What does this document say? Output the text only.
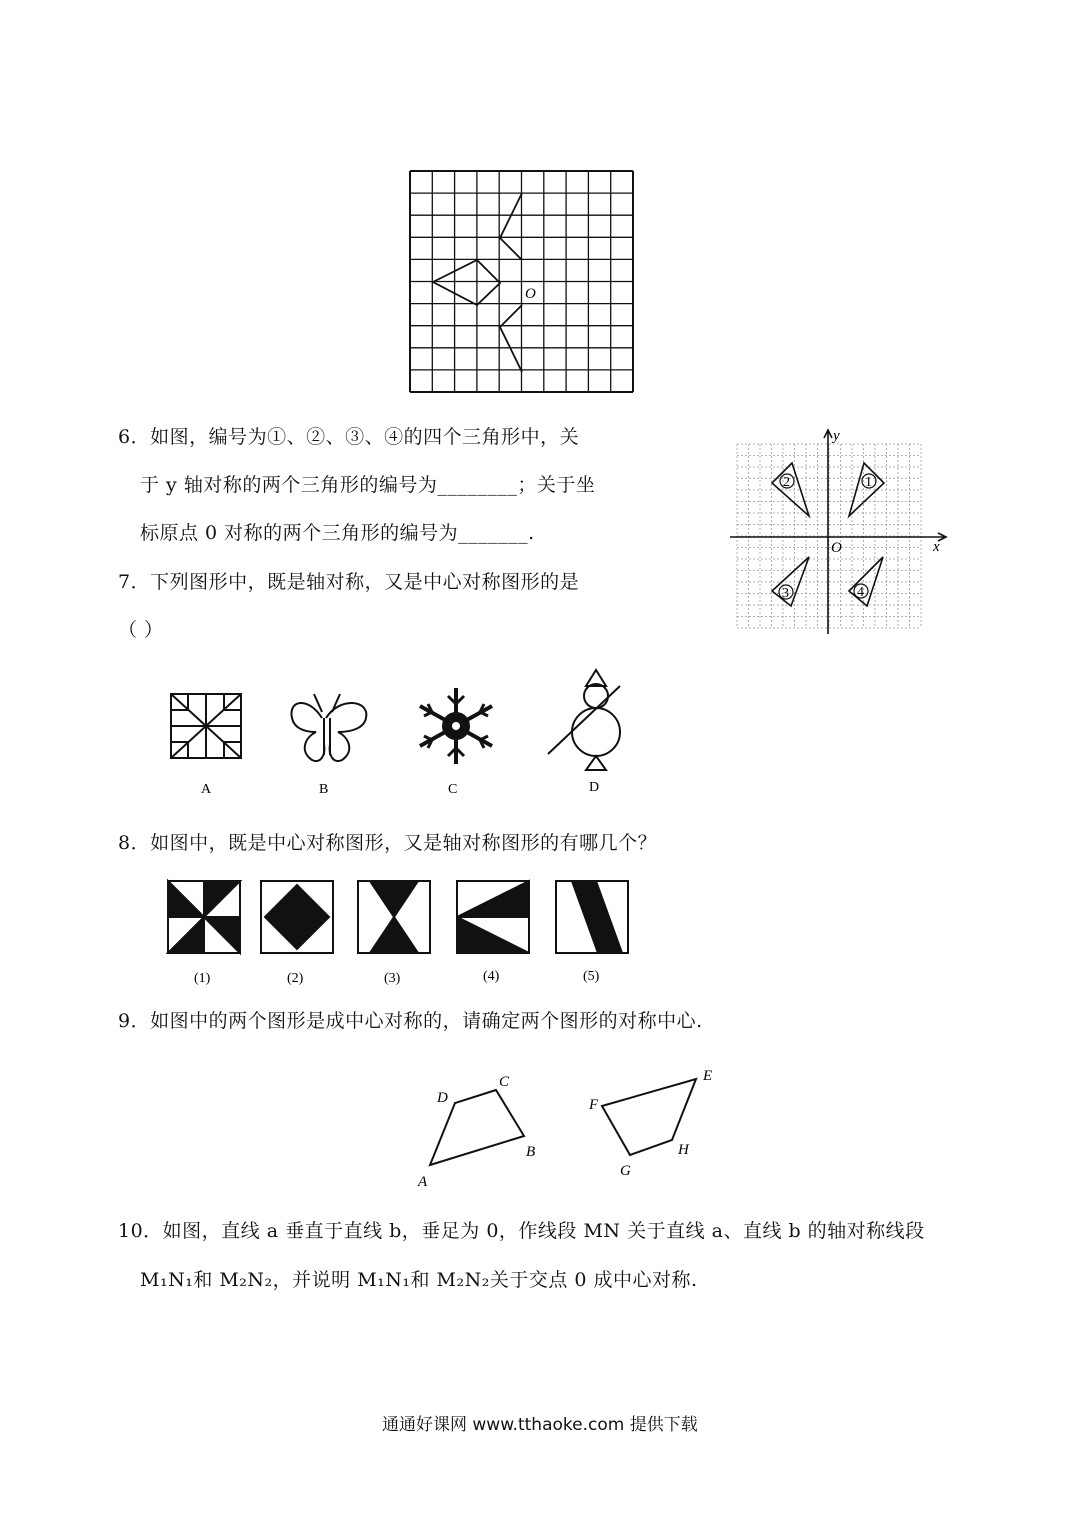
O
6．如图，编号为①、②、③、④的四个三角形中，关
于 y 轴对称的两个三角形的编号为________；关于坐
标原点 0 对称的两个三角形的编号为_______.
y
x
O
1
2
3	4
7．下列图形中，既是轴对称，又是中心对称图形的是
（ ）
A	B	C	D
8．如图中，既是中心对称图形，又是轴对称图形的有哪几个？
(1)	(2)	(3)	(4)	(5)
9．如图中的两个图形是成中心对称的，请确定两个图形的对称中心.
A
B
C
D
E
F
G
H
10．如图，直线 a 垂直于直线 b，垂足为 0，作线段 MN 关于直线 a、直线 b 的轴对称线段
M₁N₁和 M₂N₂，并说明 M₁N₁和 M₂N₂关于交点 0 成中心对称.
通通好课网 www.tthaoke.com 提供下载
